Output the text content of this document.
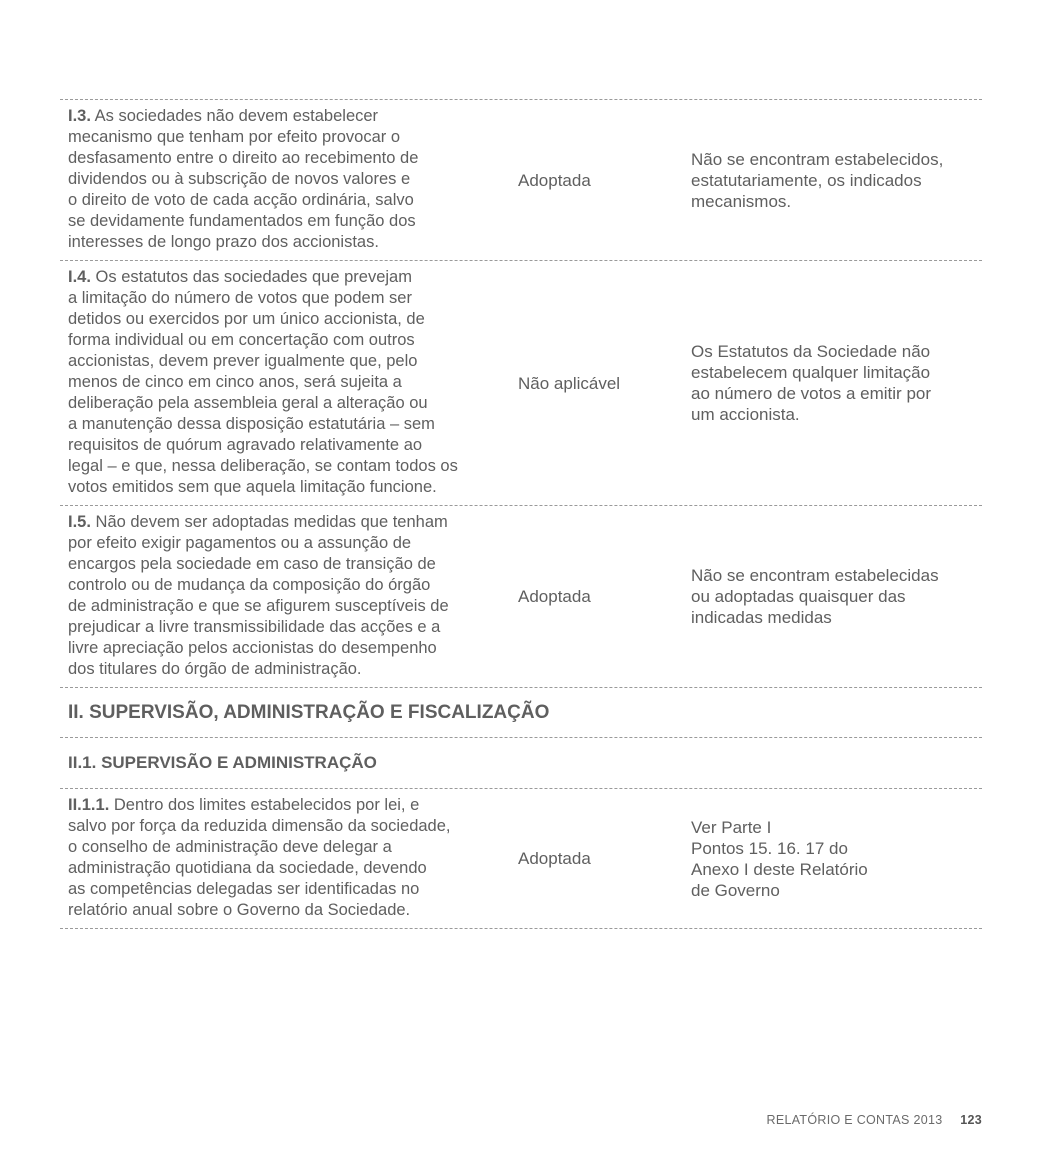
I.3. As sociedades não devem estabelecer
mecanismo que tenham por efeito provocar o
desfasamento entre o direito ao recebimento de
dividendos ou à subscrição de novos valores e
o direito de voto de cada acção ordinária, salvo
se devidamente fundamentados em função dos
interesses de longo prazo dos accionistas.
Adoptada
Não se encontram estabelecidos,
estatutariamente, os indicados
mecanismos.
I.4. Os estatutos das sociedades que prevejam
a limitação do número de votos que podem ser
detidos ou exercidos por um único accionista, de
forma individual ou em concertação com outros
accionistas, devem prever igualmente que, pelo
menos de cinco em cinco anos, será sujeita a
deliberação pela assembleia geral a alteração ou
a manutenção dessa disposição estatutária – sem
requisitos de quórum agravado relativamente ao
legal – e que, nessa deliberação, se contam todos os
votos emitidos sem que aquela limitação funcione.
Não aplicável
Os Estatutos da Sociedade não
estabelecem qualquer limitação
ao número de votos a emitir por
um accionista.
I.5. Não devem ser adoptadas medidas que tenham
por efeito exigir pagamentos ou a assunção de
encargos pela sociedade em caso de transição de
controlo ou de mudança da composição do órgão
de administração e que se afigurem susceptíveis de
prejudicar a livre transmissibilidade das acções e a
livre apreciação pelos accionistas do desempenho
dos titulares do órgão de administração.
Adoptada
Não se encontram estabelecidas
ou adoptadas quaisquer das
indicadas medidas
II. SUPERVISÃO, ADMINISTRAÇÃO E FISCALIZAÇÃO
II.1. SUPERVISÃO E ADMINISTRAÇÃO
II.1.1. Dentro dos limites estabelecidos por lei, e
salvo por força da reduzida dimensão da sociedade,
o conselho de administração deve delegar a
administração quotidiana da sociedade, devendo
as competências delegadas ser identificadas no
relatório anual sobre o Governo da Sociedade.
Adoptada
Ver Parte I
Pontos 15. 16. 17 do
Anexo I deste Relatório
de Governo
RELATÓRIO E CONTAS 2013 123
